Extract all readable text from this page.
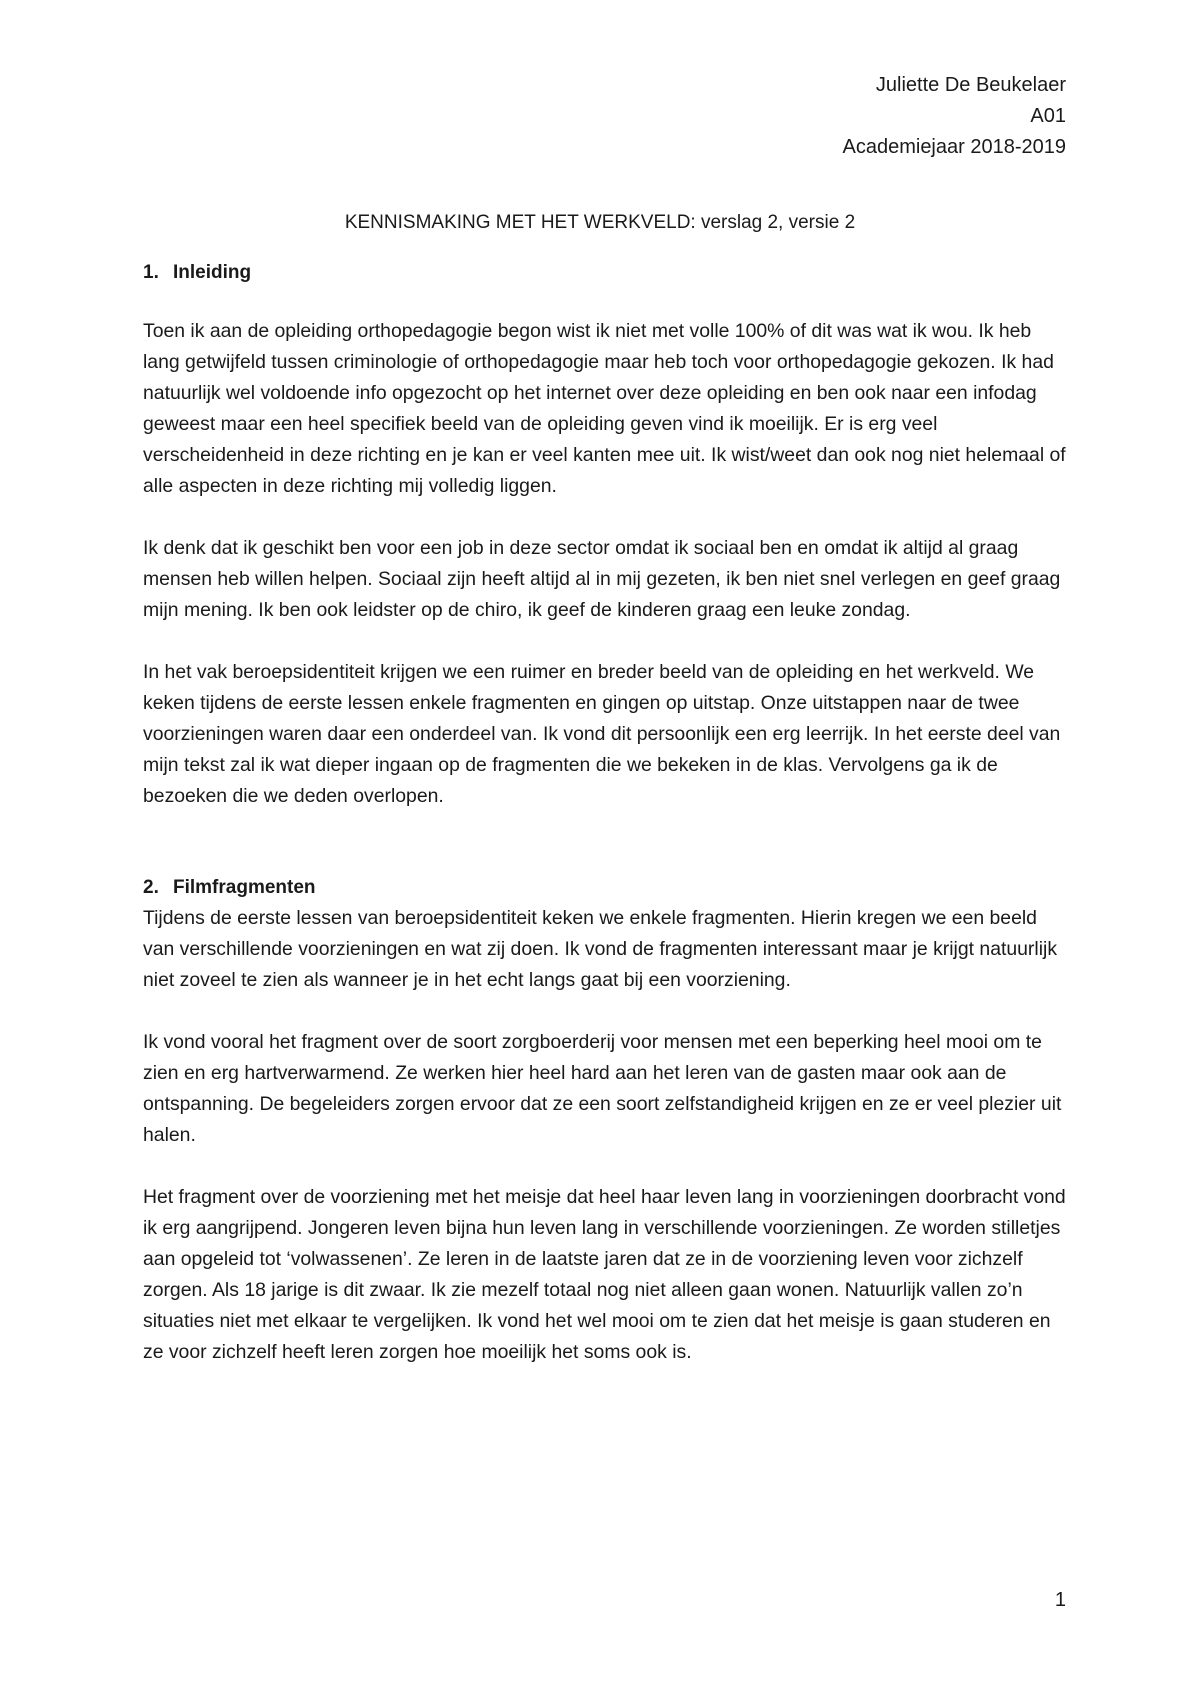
Juliette De Beukelaer
A01
Academiejaar 2018-2019
KENNISMAKING MET HET WERKVELD: verslag 2, versie 2
1. Inleiding

Toen ik aan de opleiding orthopedagogie begon wist ik niet met volle 100% of dit was wat ik wou. Ik heb lang getwijfeld tussen criminologie of orthopedagogie maar heb toch voor orthopedagogie gekozen. Ik had natuurlijk wel voldoende info opgezocht op het internet over deze opleiding en ben ook naar een infodag geweest maar een heel specifiek beeld van de opleiding geven vind ik moeilijk. Er is erg veel verscheidenheid in deze richting en je kan er veel kanten mee uit. Ik wist/weet dan ook nog niet helemaal of alle aspecten in deze richting mij volledig liggen.

Ik denk dat ik geschikt ben voor een job in deze sector omdat ik sociaal ben en omdat ik altijd al graag mensen heb willen helpen. Sociaal zijn heeft altijd al in mij gezeten, ik ben niet snel verlegen en geef graag mijn mening. Ik ben ook leidster op de chiro, ik geef de kinderen graag een leuke zondag.

In het vak beroepsidentiteit krijgen we een ruimer en breder beeld van de opleiding en het werkveld. We keken tijdens de eerste lessen enkele fragmenten en gingen op uitstap. Onze uitstappen naar de twee voorzieningen waren daar een onderdeel van. Ik vond dit persoonlijk een erg leerrijk. In het eerste deel van mijn tekst zal ik wat dieper ingaan op de fragmenten die we bekeken in de klas. Vervolgens ga ik de bezoeken die we deden overlopen.

2. Filmfragmenten

Tijdens de eerste lessen van beroepsidentiteit keken we enkele fragmenten. Hierin kregen we een beeld van verschillende voorzieningen en wat zij doen. Ik vond de fragmenten interessant maar je krijgt natuurlijk niet zoveel te zien als wanneer je in het echt langs gaat bij een voorziening.

Ik vond vooral het fragment over de soort zorgboerderij voor mensen met een beperking heel mooi om te zien en erg hartverwarmend. Ze werken hier heel hard aan het leren van de gasten maar ook aan de ontspanning. De begeleiders zorgen ervoor dat ze een soort zelfstandigheid krijgen en ze er veel plezier uit halen.

Het fragment over de voorziening met het meisje dat heel haar leven lang in voorzieningen doorbracht vond ik erg aangrijpend. Jongeren leven bijna hun leven lang in verschillende voorzieningen. Ze worden stilletjes aan opgeleid tot ‘volwassenen’. Ze leren in de laatste jaren dat ze in de voorziening leven voor zichzelf zorgen. Als 18 jarige is dit zwaar. Ik zie mezelf totaal nog niet alleen gaan wonen. Natuurlijk vallen zo’n situaties niet met elkaar te vergelijken. Ik vond het wel mooi om te zien dat het meisje is gaan studeren en ze voor zichzelf heeft leren zorgen hoe moeilijk het soms ook is.

1
